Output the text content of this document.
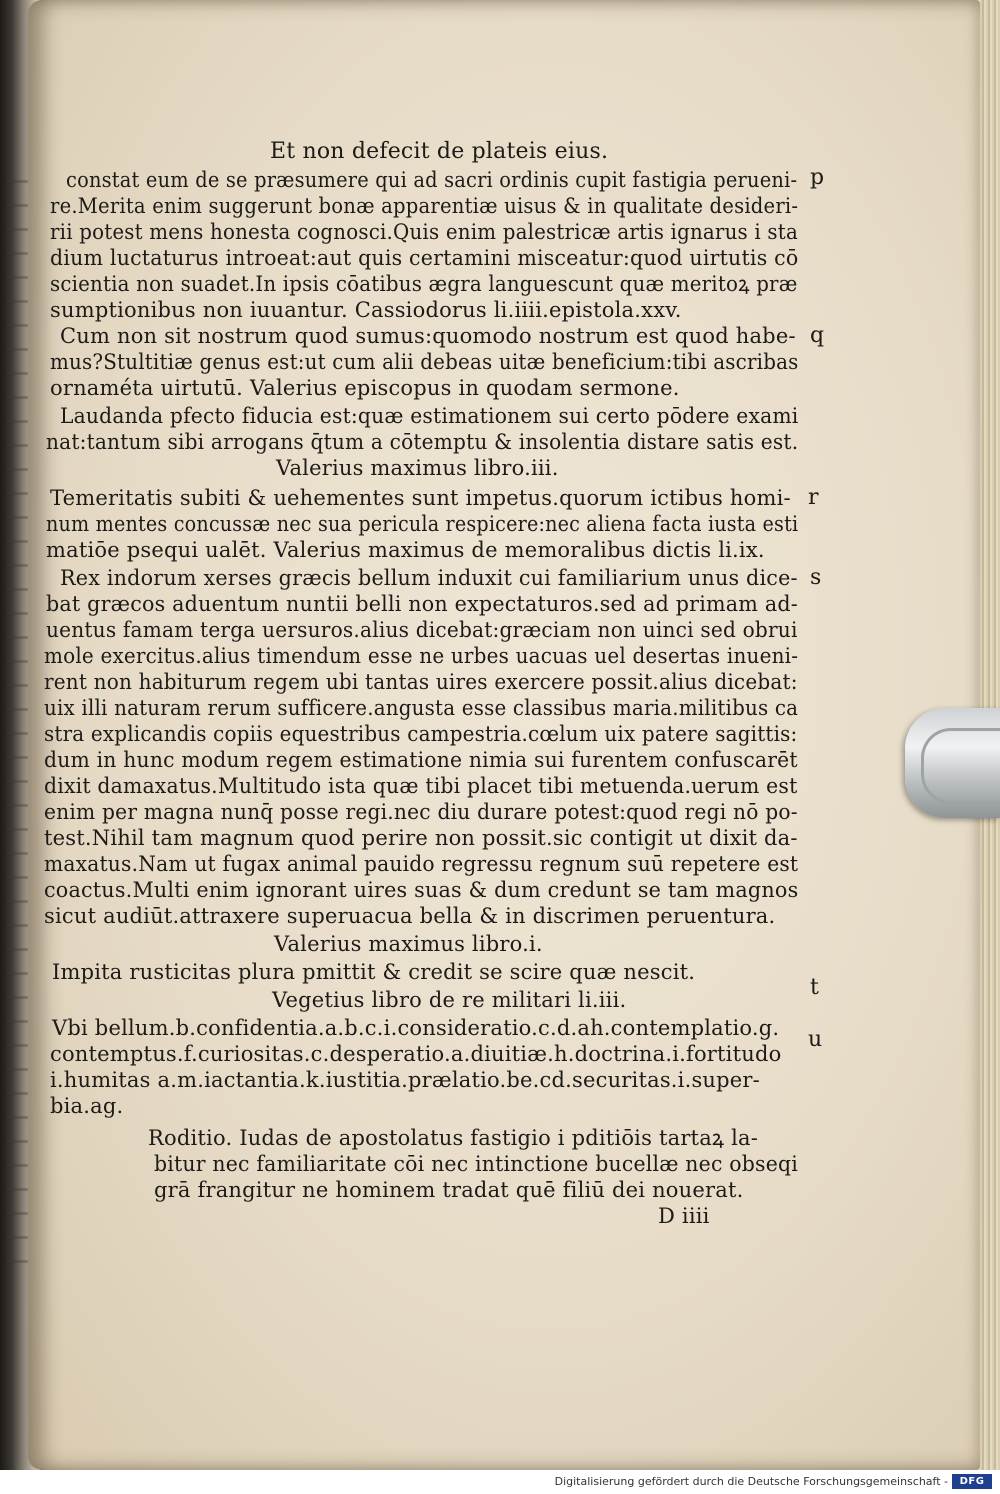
Et non defecit de plateis eius.
constat eum de se præsumere qui ad sacri ordinis cupit fastigia perueni-
re.Merita enim suggerunt bonæ apparentiæ uisus & in qualitate desideri-
rii potest mens honesta cognosci.Quis enim palestricæ artis ignarus i sta
dium luctaturus introeat:aut quis certamini misceatur:quod uirtutis cō
scientia non suadet.In ipsis cōatibus ægra languescunt quæ meritoꝝ præ
sumptionibus non iuuantur. Cassiodorus li.iiii.epistola.xxv.
Cum non sit nostrum quod sumus:quomodo nostrum est quod habe-
mus?Stultitiæ genus est:ut cum alii debeas uitæ beneficium:tibi ascribas
ornaméta uirtutū. Valerius episcopus in quodam sermone.
Laudanda pfecto fiducia est:quæ estimationem sui certo pōdere exami
nat:tantum sibi arrogans q̄tum a cōtemptu & insolentia distare satis est.
Valerius maximus libro.iii.
Temeritatis subiti & uehementes sunt impetus.quorum ictibus homi-
num mentes concussæ nec sua pericula respicere:nec aliena facta iusta esti
matiōe psequi ualēt. Valerius maximus de memoralibus dictis li.ix.
Rex indorum xerses græcis bellum induxit cui familiarium unus dice-
bat græcos aduentum nuntii belli non expectaturos.sed ad primam ad-
uentus famam terga uersuros.alius dicebat:græciam non uinci sed obrui
mole exercitus.alius timendum esse ne urbes uacuas uel desertas inueni-
rent non habiturum regem ubi tantas uires exercere possit.alius dicebat:
uix illi naturam rerum sufficere.angusta esse classibus maria.militibus ca
stra explicandis copiis equestribus campestria.cœlum uix patere sagittis:
dum in hunc modum regem estimatione nimia sui furentem confuscarēt
dixit damaxatus.Multitudo ista quæ tibi placet tibi metuenda.uerum est
enim per magna nunq̄ posse regi.nec diu durare potest:quod regi nō po-
test.Nihil tam magnum quod perire non possit.sic contigit ut dixit da-
maxatus.Nam ut fugax animal pauido regressu regnum suū repetere est
coactus.Multi enim ignorant uires suas & dum credunt se tam magnos
sicut audiūt.attraxere superuacua bella & in discrimen peruentura.
Valerius maximus libro.i.
Impita rusticitas plura pmittit & credit se scire quæ nescit.
Vegetius libro de re militari li.iii.
Vbi bellum.b.confidentia.a.b.c.i.consideratio.c.d.ah.contemplatio.g.
contemptus.f.curiositas.c.desperatio.a.diuitiæ.h.doctrina.i.fortitudo
i.humitas a.m.iactantia.k.iustitia.prælatio.be.cd.securitas.i.super-
bia.ag.
Roditio. Iudas de apostolatus fastigio i pditiōis tartaꝝ la-
bitur nec familiaritate cōi nec intinctione bucellæ nec obseqi
grā frangitur ne hominem tradat quē filiū dei nouerat.
D iiii
p
q
r
s
t
u
Digitalisierung gefördert durch die Deutsche Forschungsgemeinschaft -	DFG
